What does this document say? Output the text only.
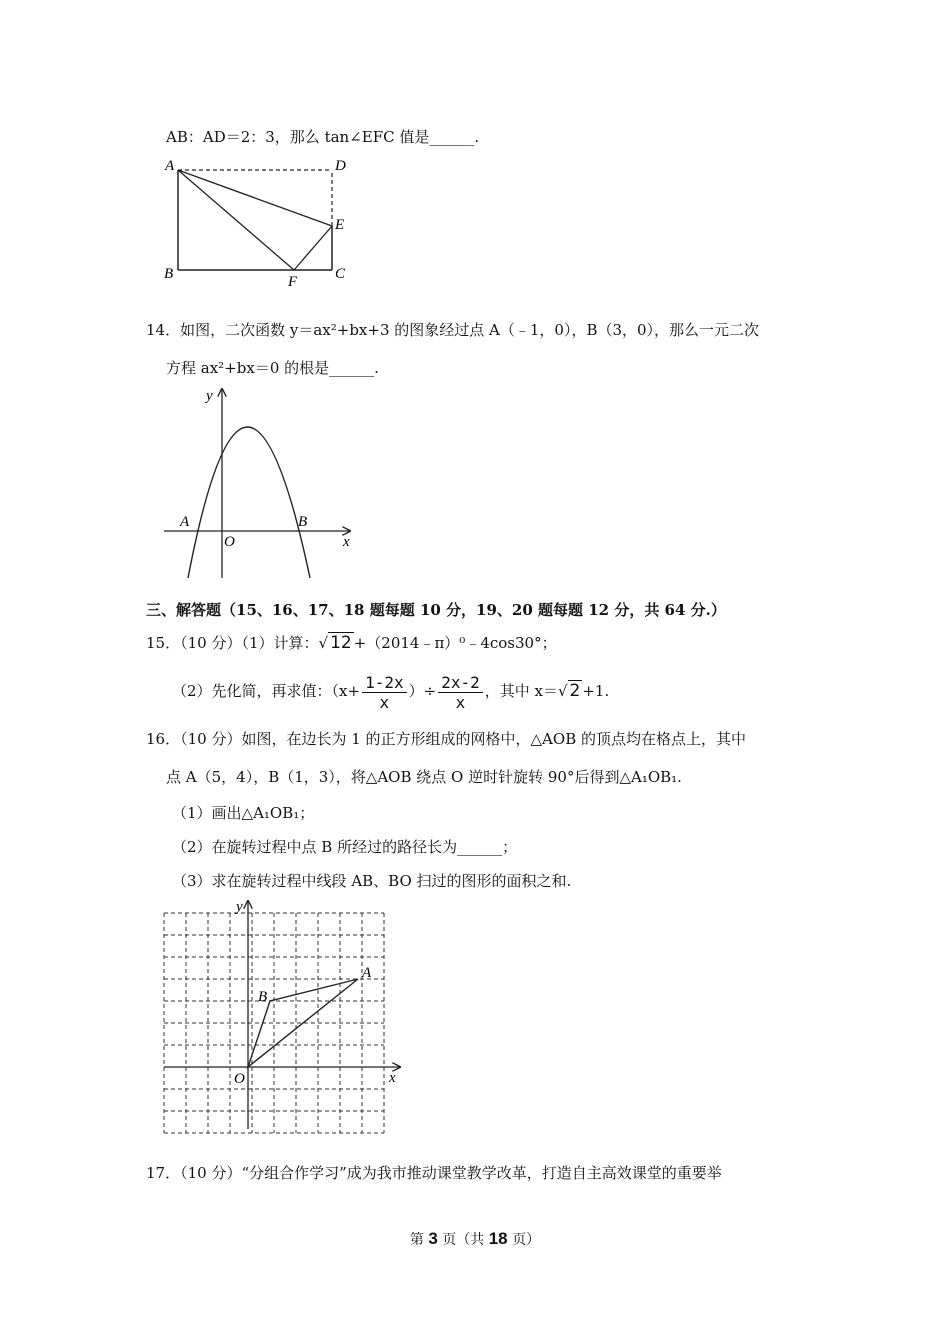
AB：AD＝2：3，那么 tan∠EFC 值是______.
A	D
E
B	C
F
14．如图，二次函数 y＝ax²+bx+3 的图象经过点 A（﹣1，0），B（3，0），那么一元二次
方程 ax²+bx＝0 的根是______.
y
x
O
A	B
三、解答题（15、16、17、18 题每题 10 分，19、20 题每题 12 分，共 64 分.）
15．（10 分）（1）计算：√ 12 +（2014﹣π）⁰﹣4cos30°；
（2）先化简，再求值：（$x+ \frac{1-2x}{x}$ ）÷ $\frac{2x-2}{x}$ ，其中 x＝√ 2 +1.
16．（10 分）如图，在边长为 1 的正方形组成的网格中，△AOB 的顶点均在格点上，其中
点 A（5，4），B（1，3），将△AOB 绕点 O 逆时针旋转 90°后得到△A₁OB₁.
（1）画出△A₁OB₁；
（2）在旋转过程中点 B 所经过的路径长为______；
（3）求在旋转过程中线段 AB、BO 扫过的图形的面积之和.
y
x
O
A
B
17．（10 分）“分组合作学习”成为我市推动课堂教学改革，打造自主高效课堂的重要举
第 3 页（共 18 页）
